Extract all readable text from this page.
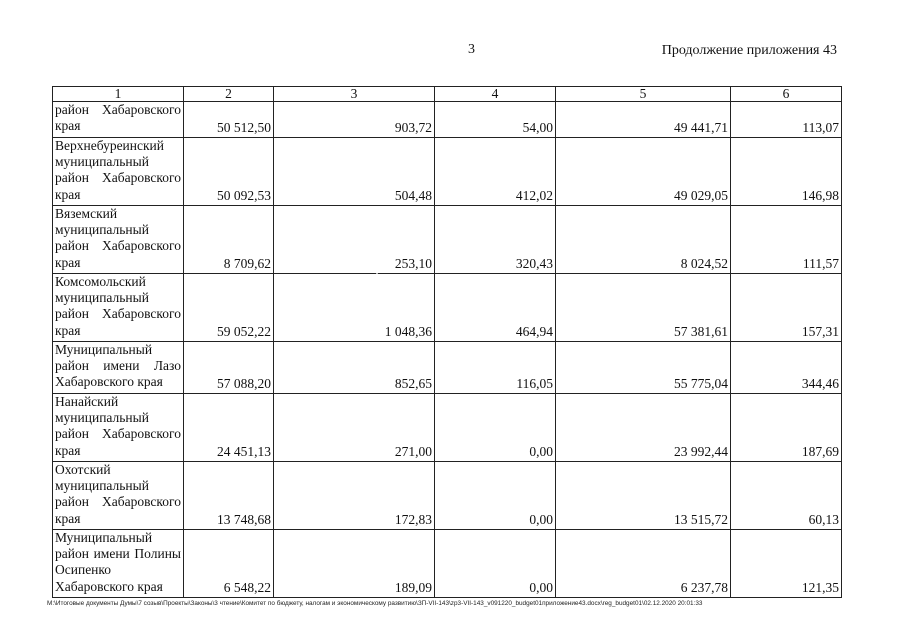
3	Продолжение приложения 43
1	2	3	4	5	6
район Хабаровского края	50 512,50	903,72	54,00	49 441,71	113,07
Верхнебуреинский муниципальный район Хабаровского края	50 092,53	504,48	412,02	49 029,05	146,98
Вяземский муниципальный район Хабаровского края	8 709,62	253,10	320,43	8 024,52	111,57
Комсомольский муниципальный район Хабаровского края	59 052,22	1 048,36	464,94	57 381,61	157,31
Муниципальный район имени Лазо Хабаровского края	57 088,20	852,65	116,05	55 775,04	344,46
Нанайский муниципальный район Хабаровского края	24 451,13	271,00	0,00	23 992,44	187,69
Охотский муниципальный район Хабаровского края	13 748,68	172,83	0,00	13 515,72	60,13
Муниципальный район имени Полины Осипенко Хабаровского края	6 548,22	189,09	0,00	6 237,78	121,35
M:\Итоговые документы Думы\7 созыв\Проекты\Законы\3 чтение\Комитет по бюджету, налогам и экономическому развитию\ЗП-VII-143\zp3-VII-143_v091220_budget01приложение43.docx\reg_budget01\02.12.2020 20:01:33
